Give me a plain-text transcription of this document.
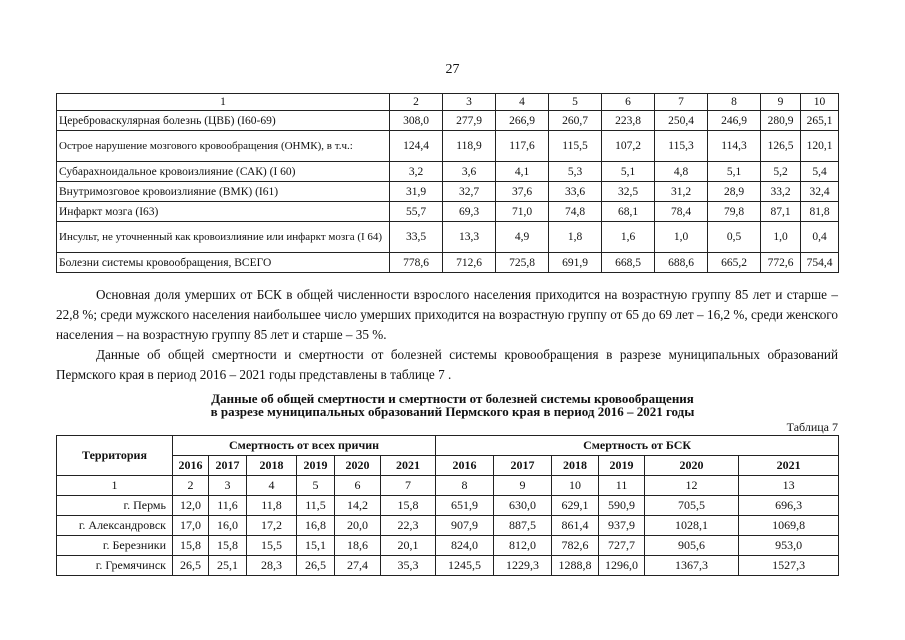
27
1	2	3	4	5	6	7	8	9	10
Цереброваскулярная болезнь (ЦВБ) (I60-69)	308,0	277,9	266,9	260,7	223,8	250,4	246,9	280,9	265,1
Острое нарушение мозгового кровообращения (ОНМК), в т.ч.:	124,4	118,9	117,6	115,5	107,2	115,3	114,3	126,5	120,1
Субарахноидальное кровоизлияние (САК) (I 60)	3,2	3,6	4,1	5,3	5,1	4,8	5,1	5,2	5,4
Внутримозговое кровоизлияние (ВМК) (I61)	31,9	32,7	37,6	33,6	32,5	31,2	28,9	33,2	32,4
Инфаркт мозга (I63)	55,7	69,3	71,0	74,8	68,1	78,4	79,8	87,1	81,8
Инсульт, не уточненный как кровоизлияние или инфаркт мозга (I 64)	33,5	13,3	4,9	1,8	1,6	1,0	0,5	1,0	0,4
Болезни системы кровообращения, ВСЕГО	778,6	712,6	725,8	691,9	668,5	688,6	665,2	772,6	754,4

Основная доля умерших от БСК в общей численности взрослого населения приходится на возрастную группу 85 лет и старше – 22,8 %; среди мужского населения наибольшее число умерших приходится на возрастную группу от 65 до 69 лет – 16,2 %, среди женского населения – на возрастную группу 85 лет и старше – 35 %.

Данные об общей смертности и смертности от болезней системы кровообращения в разрезе муниципальных образований Пермского края в период 2016 – 2021 годы представлены в таблице 7 .

Данные об общей смертности и смертности от болезней системы кровообращения
в разрезе муниципальных образований Пермского края в период 2016 – 2021 годы
Таблица 7
Территория	Смертность от всех причин						Смертность от БСК					
	2016	2017	2018	2019	2020	2021	2016	2017	2018	2019	2020	2021
1	2	3	4	5	6	7	8	9	10	11	12	13
г. Пермь	12,0	11,6	11,8	11,5	14,2	15,8	651,9	630,0	629,1	590,9	705,5	696,3
г. Александровск	17,0	16,0	17,2	16,8	20,0	22,3	907,9	887,5	861,4	937,9	1028,1	1069,8
г. Березники	15,8	15,8	15,5	15,1	18,6	20,1	824,0	812,0	782,6	727,7	905,6	953,0
г. Гремячинск	26,5	25,1	28,3	26,5	27,4	35,3	1245,5	1229,3	1288,8	1296,0	1367,3	1527,3
